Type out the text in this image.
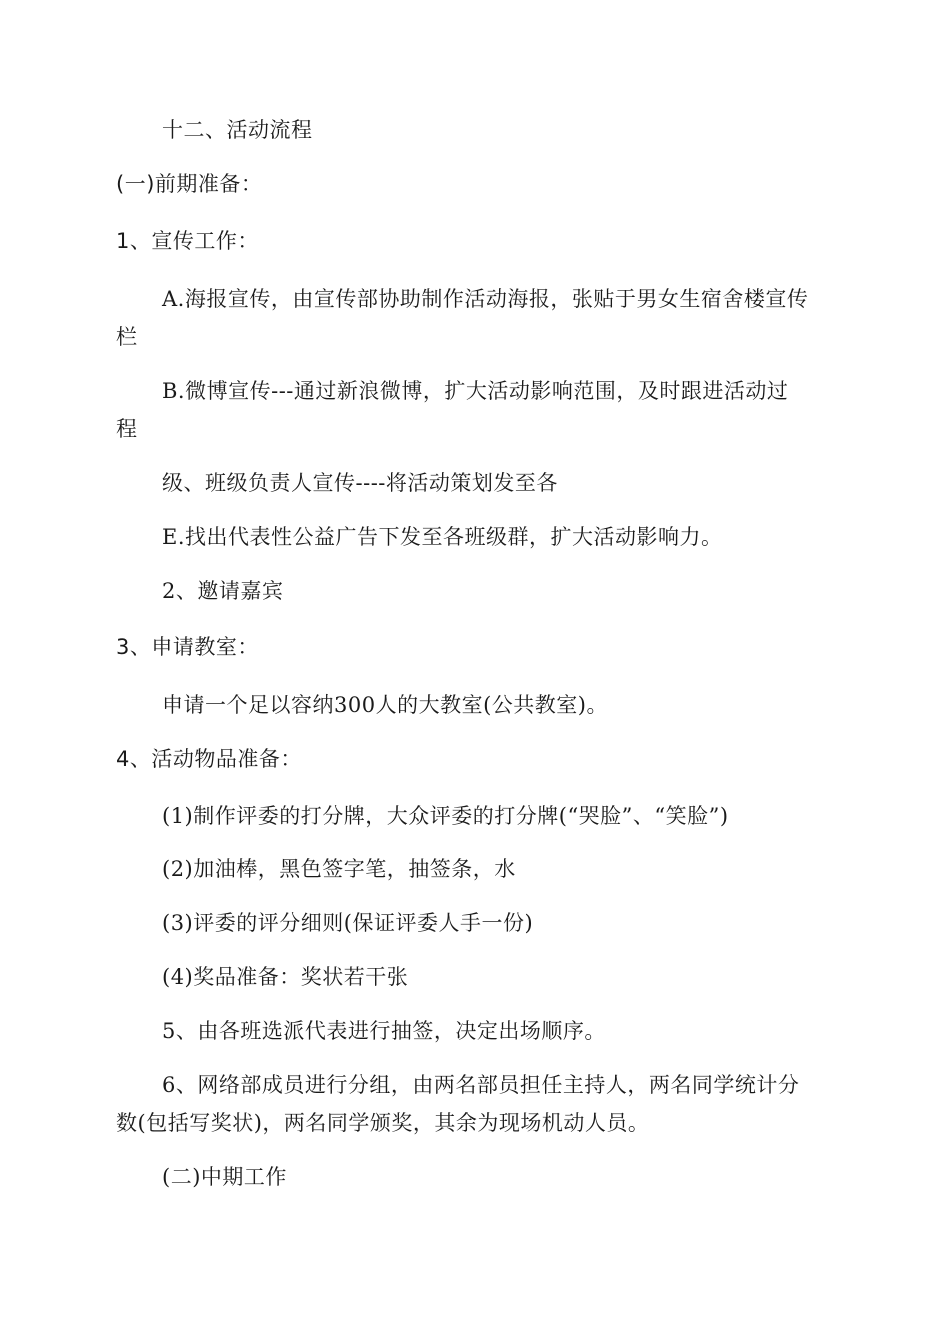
十二、活动流程
(一)前期准备：
1、宣传工作：
A.海报宣传，由宣传部协助制作活动海报，张贴于男女生宿舍楼宣传
栏
B.微博宣传---通过新浪微博，扩大活动影响范围，及时跟进活动过
程
级、班级负责人宣传----将活动策划发至各
E.找出代表性公益广告下发至各班级群，扩大活动影响力。
2、邀请嘉宾
3、申请教室：
申请一个足以容纳300人的大教室(公共教室)。
4、活动物品准备：
(1)制作评委的打分牌，大众评委的打分牌(“哭脸”、“笑脸”)
(2)加油棒，黑色签字笔，抽签条，水
(3)评委的评分细则(保证评委人手一份)
(4)奖品准备：奖状若干张
5、由各班选派代表进行抽签，决定出场顺序。
6、网络部成员进行分组，由两名部员担任主持人，两名同学统计分
数(包括写奖状)，两名同学颁奖，其余为现场机动人员。
(二)中期工作
